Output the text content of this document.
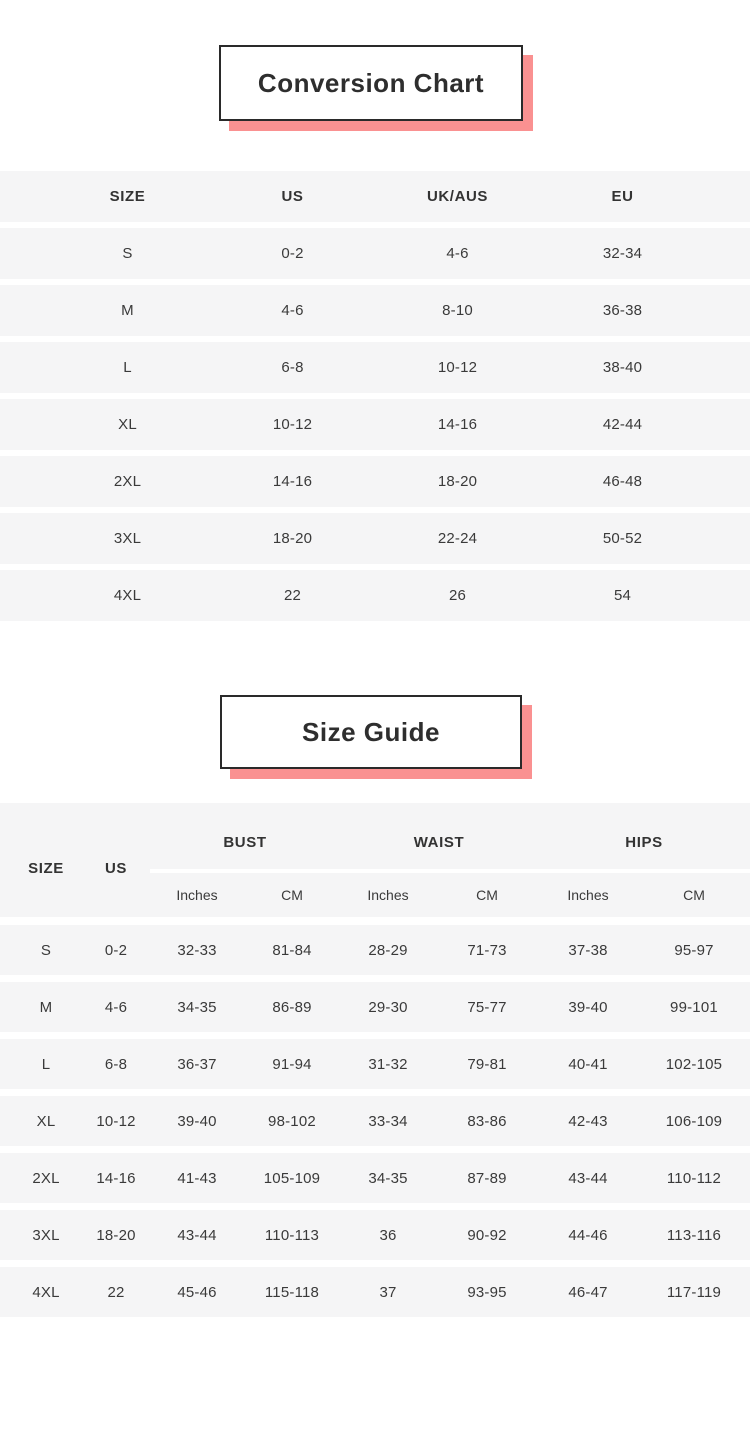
Conversion Chart
SIZE	US	UK/AUS	EU
S	0-2	4-6	32-34
M	4-6	8-10	36-38
L	6-8	10-12	38-40
XL	10-12	14-16	42-44
2XL	14-16	18-20	46-48
3XL	18-20	22-24	50-52
4XL	22	26	54
Size Guide
SIZE	US
BUST	WAIST	HIPS
Inches	CM	Inches	CM	Inches	CM
S	0-2	32-33	81-84	28-29	71-73	37-38	95-97
M	4-6	34-35	86-89	29-30	75-77	39-40	99-101
L	6-8	36-37	91-94	31-32	79-81	40-41	102-105
XL	10-12	39-40	98-102	33-34	83-86	42-43	106-109
2XL	14-16	41-43	105-109	34-35	87-89	43-44	110-112
3XL	18-20	43-44	110-113	36	90-92	44-46	113-116
4XL	22	45-46	115-118	37	93-95	46-47	117-119
